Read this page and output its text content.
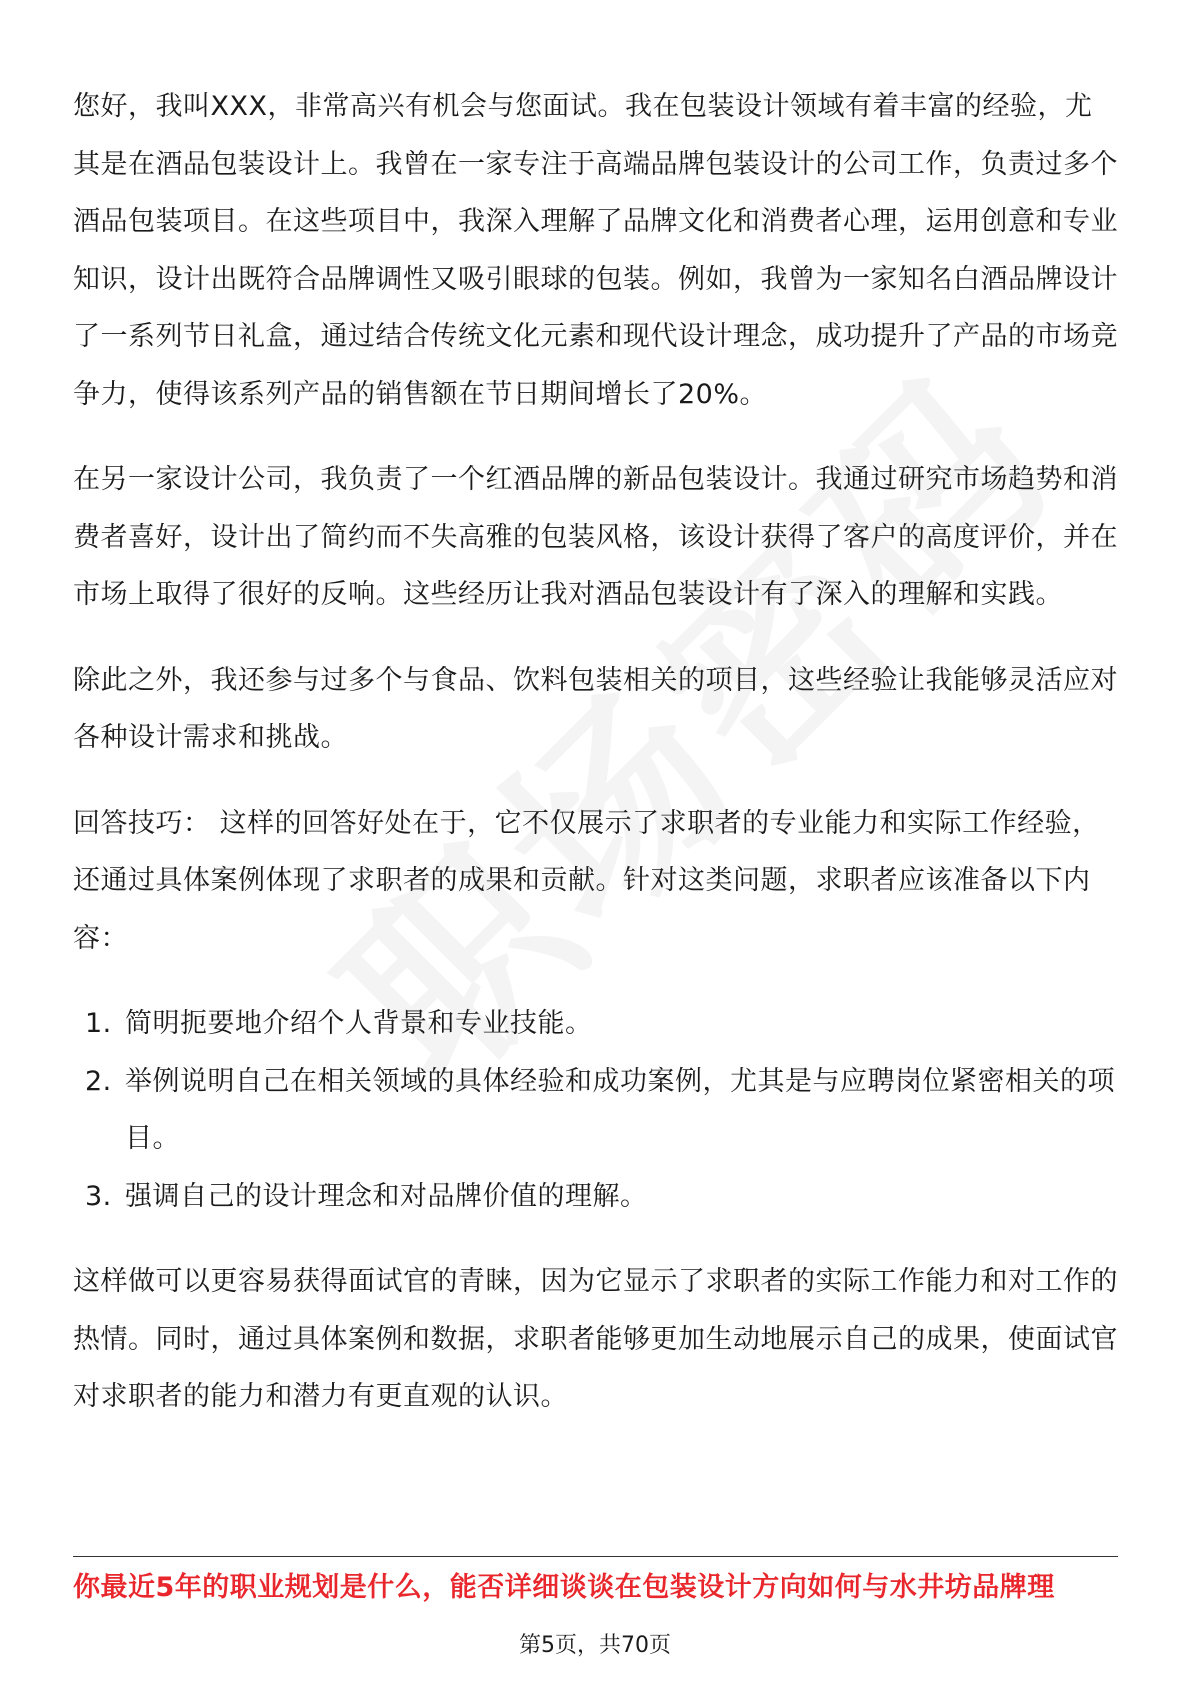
您好，我叫XXX，非常高兴有机会与您面试。我在包装设计领域有着丰富的经验，尤其是在酒品包装设计上。我曾在一家专注于高端品牌包装设计的公司工作，负责过多个酒品包装项目。在这些项目中，我深入理解了品牌文化和消费者心理，运用创意和专业知识，设计出既符合品牌调性又吸引眼球的包装。例如，我曾为一家知名白酒品牌设计了一系列节日礼盒，通过结合传统文化元素和现代设计理念，成功提升了产品的市场竞争力，使得该系列产品的销售额在节日期间增长了20%。

在另一家设计公司，我负责了一个红酒品牌的新品包装设计。我通过研究市场趋势和消费者喜好，设计出了简约而不失高雅的包装风格，该设计获得了客户的高度评价，并在市场上取得了很好的反响。这些经历让我对酒品包装设计有了深入的理解和实践。

除此之外，我还参与过多个与食品、饮料包装相关的项目，这些经验让我能够灵活应对各种设计需求和挑战。

回答技巧： 这样的回答好处在于，它不仅展示了求职者的专业能力和实际工作经验，还通过具体案例体现了求职者的成果和贡献。针对这类问题，求职者应该准备以下内容：

1. 简明扼要地介绍个人背景和专业技能。
2. 举例说明自己在相关领域的具体经验和成功案例，尤其是与应聘岗位紧密相关的项目。
3. 强调自己的设计理念和对品牌价值的理解。

这样做可以更容易获得面试官的青睐，因为它显示了求职者的实际工作能力和对工作的热情。同时，通过具体案例和数据，求职者能够更加生动地展示自己的成果，使面试官对求职者的能力和潜力有更直观的认识。

你最近5年的职业规划是什么，能否详细谈谈在包装设计方向如何与水井坊品牌理
第5页，共70页
